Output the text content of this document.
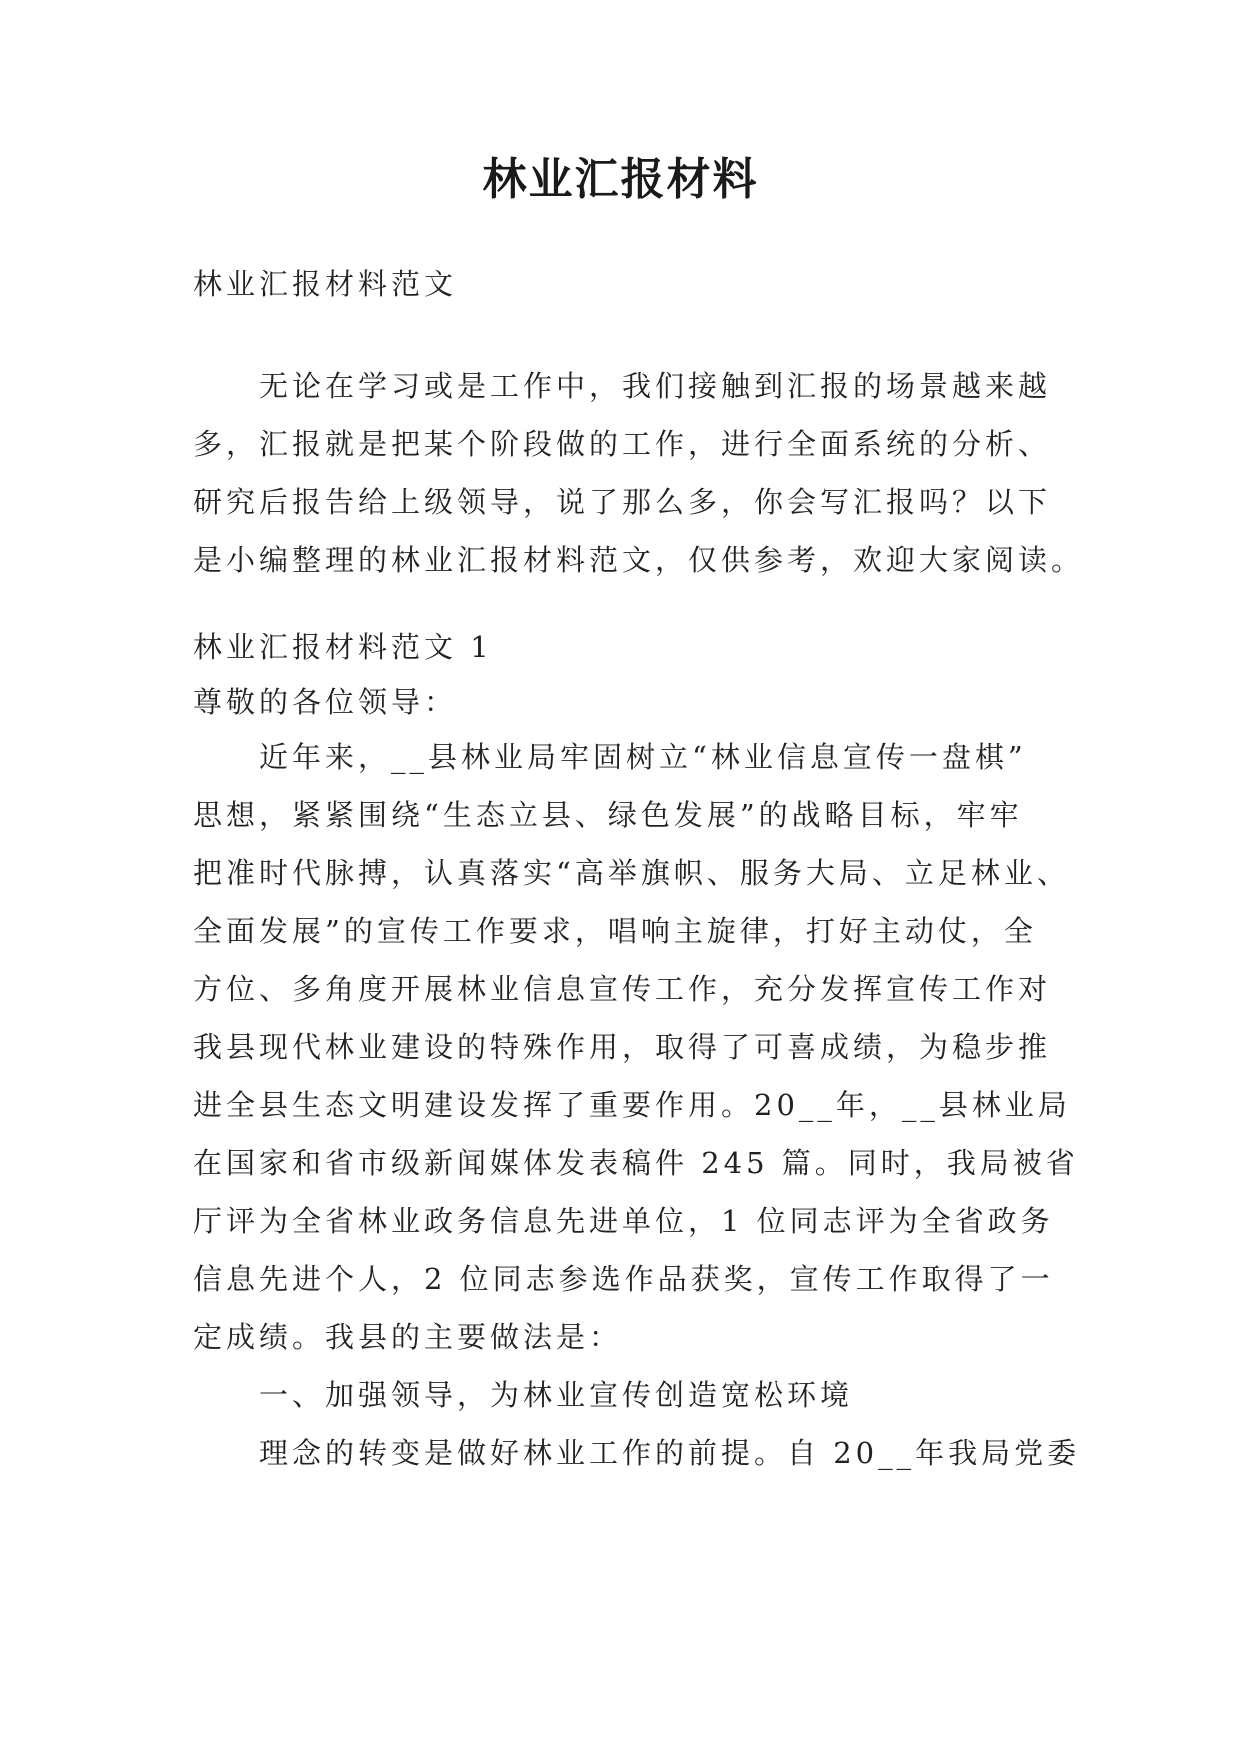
林业汇报材料

林业汇报材料范文

　　无论在学习或是工作中，我们接触到汇报的场景越来越
多，汇报就是把某个阶段做的工作，进行全面系统的分析、
研究后报告给上级领导，说了那么多，你会写汇报吗？以下
是小编整理的林业汇报材料范文，仅供参考，欢迎大家阅读。

林业汇报材料范文 1

尊敬的各位领导：

　　近年来，__县林业局牢固树立“林业信息宣传一盘棋”
思想，紧紧围绕“生态立县、绿色发展”的战略目标，牢牢
把准时代脉搏，认真落实“高举旗帜、服务大局、立足林业、
全面发展”的宣传工作要求，唱响主旋律，打好主动仗，全
方位、多角度开展林业信息宣传工作，充分发挥宣传工作对
我县现代林业建设的特殊作用，取得了可喜成绩，为稳步推
进全县生态文明建设发挥了重要作用。20__年，__县林业局
在国家和省市级新闻媒体发表稿件 245 篇。同时，我局被省
厅评为全省林业政务信息先进单位，1 位同志评为全省政务
信息先进个人，2 位同志参选作品获奖，宣传工作取得了一
定成绩。我县的主要做法是：
　　一、加强领导，为林业宣传创造宽松环境
　　理念的转变是做好林业工作的前提。自 20__年我局党委
